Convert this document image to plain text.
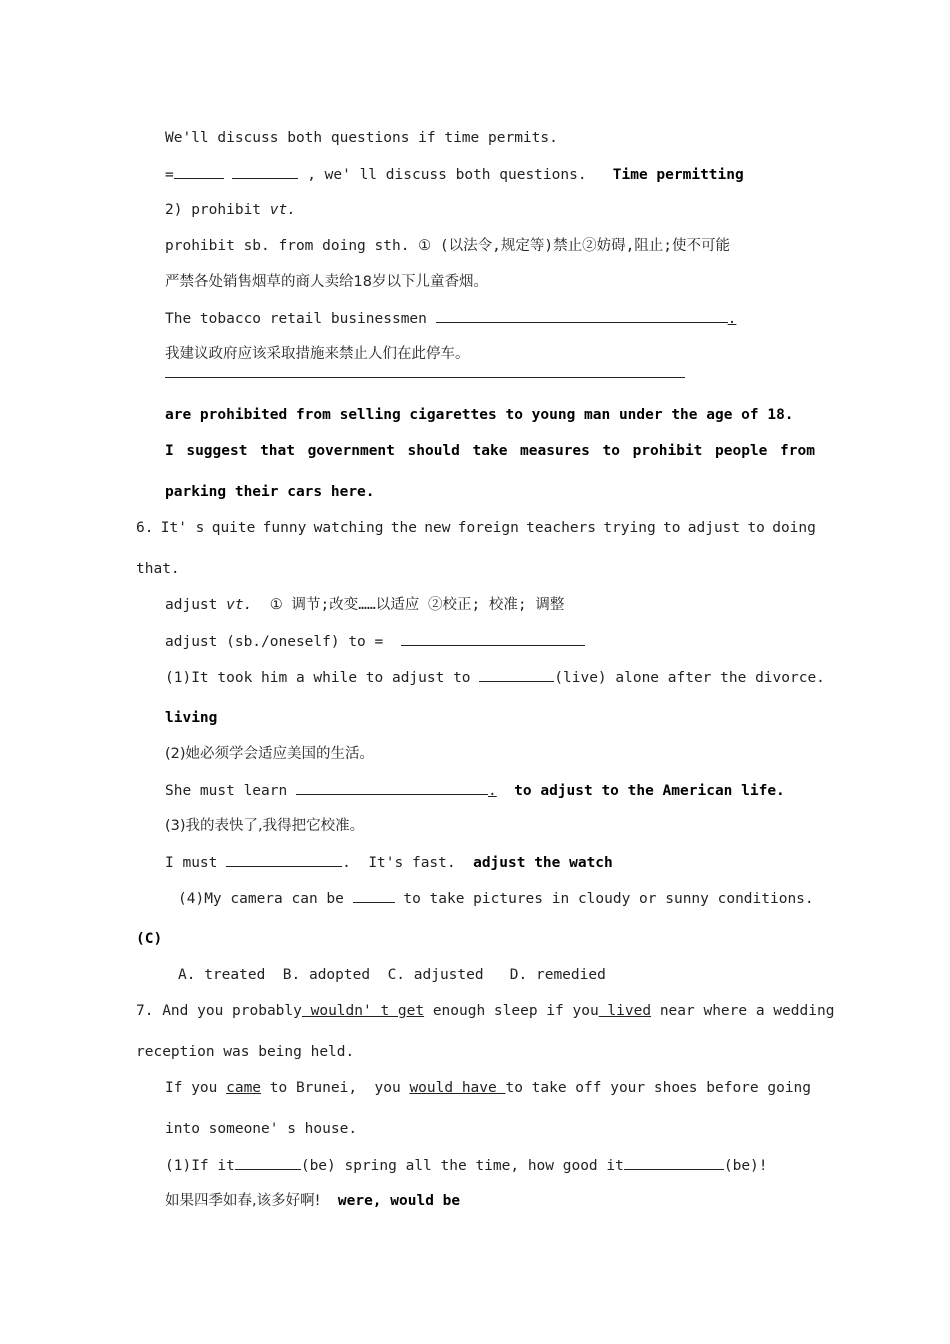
We'll discuss both questions if time permits.
=	, we' ll discuss both questions. Time permitting
2) prohibit vt.
prohibit sb. from doing sth. ① (以法令,规定等)禁止②妨碍,阻止;使不可能
严禁各处销售烟草的商人卖给18岁以下儿童香烟。
The tobacco retail businessmen	.
我建议政府应该采取措施来禁止人们在此停车。
are prohibited from selling cigarettes to young man under the age of 18.
I suggest that government should take measures to prohibit people from
parking their cars here.
6. It' s quite funny watching the new foreign teachers trying to adjust to doing
that.
adjust vt. ① 调节;改变……以适应 ②校正; 校准; 调整
adjust (sb./oneself) to =
(1)It took him a while to adjust to	(live) alone after the divorce.
living
(2)她必须学会适应美国的生活。
She must learn	. to adjust to the American life.
(3)我的表快了,我得把它校准。
I must	.  It's fast. adjust the watch
(4)My camera can be	to take pictures in cloudy or sunny conditions.
(C)
A. treated B. adopted C. adjusted D. remedied
7. And you probably wouldn' t get enough sleep if you lived near where a wedding
reception was being held.
If you came to Brunei,  you would have to take off your shoes before going
into someone' s house.
(1)If it	(be) spring all the time, how good it	(be)!
如果四季如春,该多好啊! were, would be
